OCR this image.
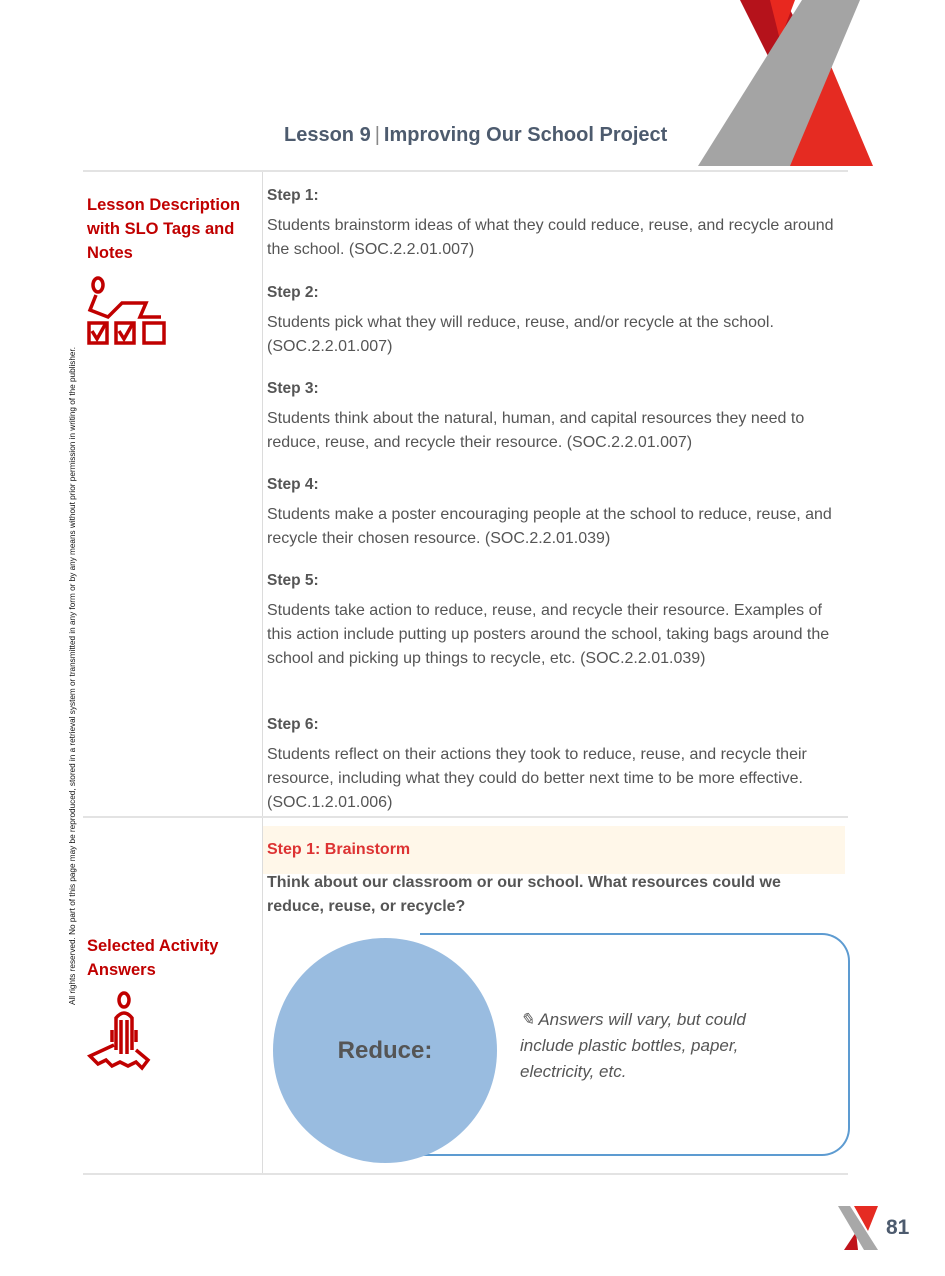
Lesson 9 | Improving Our School Project
All rights reserved. No part of this page may be reproduced, stored in a retrieval system or transmitted in any form or by any means without prior permission in writing of the publisher.
Lesson Description with SLO Tags and Notes
Step 1:

Students brainstorm ideas of what they could reduce, reuse, and recycle around the school. (SOC.2.2.01.007)

Step 2:

Students pick what they will reduce, reuse, and/or recycle at the school. (SOC.2.2.01.007)

Step 3:

Students think about the natural, human, and capital resources they need to reduce, reuse, and recycle their resource. (SOC.2.2.01.007)

Step 4:

Students make a poster encouraging people at the school to reduce, reuse, and recycle their chosen resource. (SOC.2.2.01.039)

Step 5:

Students take action to reduce, reuse, and recycle their resource. Examples of this action include putting up posters around the school, taking bags around the school and picking up things to recycle, etc. (SOC.2.2.01.039)

Step 6:

Students reflect on their actions they took to reduce, reuse, and recycle their resource, including what they could do better next time to be more effective. (SOC.1.2.01.006)

Selected Activity Answers
Step 1: Brainstorm
Think about our classroom or our school. What resources could we reduce, reuse, or recycle?
Reduce:
✎ Answers will vary, but could include plastic bottles, paper, electricity, etc.
81
